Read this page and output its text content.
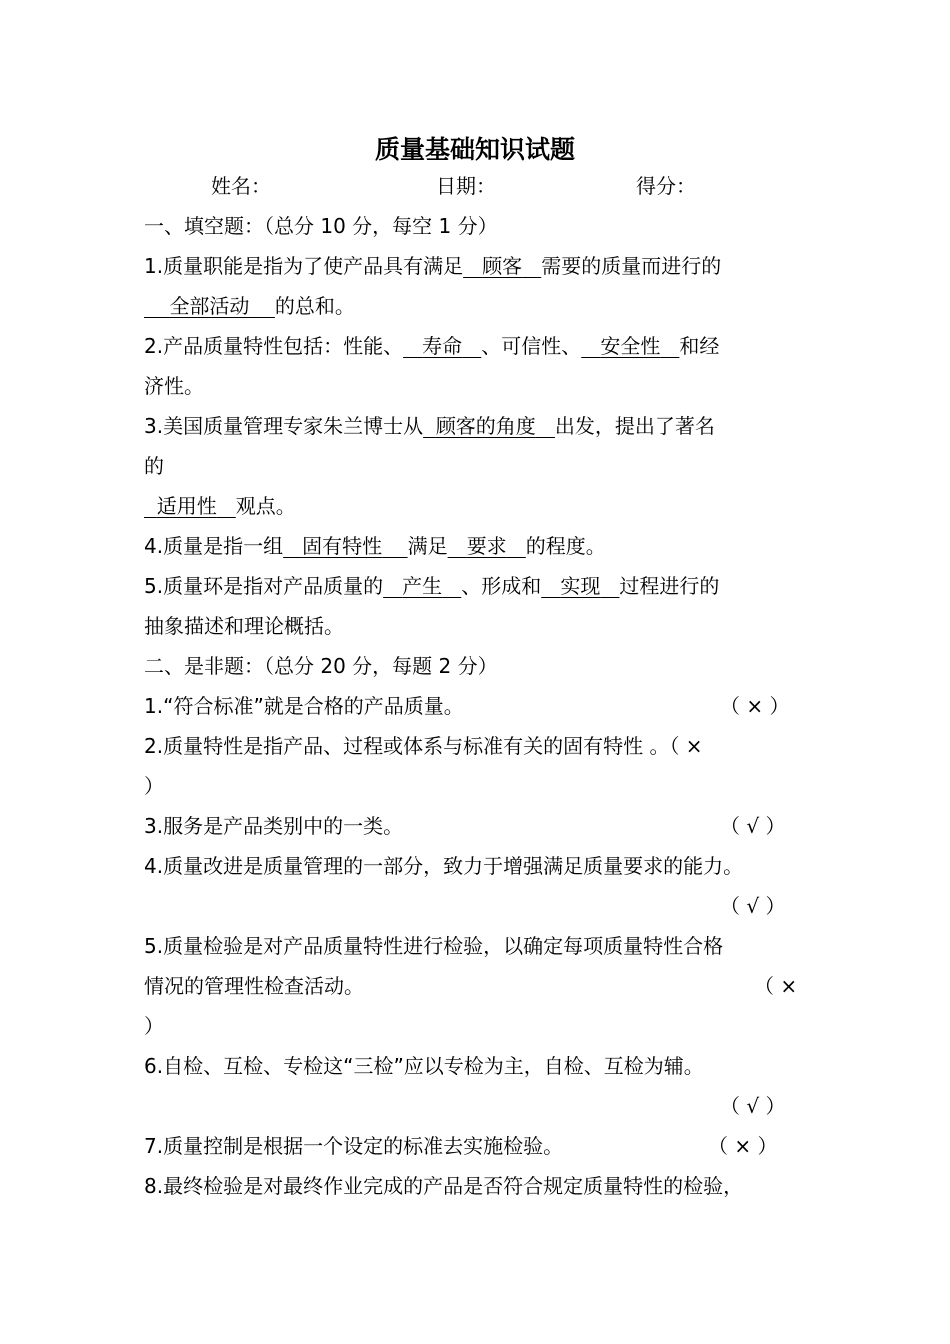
质量基础知识试题
姓名：	日期：	得分：
一、填空题：（总分 10 分，每空 1 分）
1.质量职能是指为了使产品具有满足 顾客 需要的质量而进行的
全部活动 的总和。
2.产品质量特性包括：性能、 寿命 、可信性、 安全性 和经
济性。
3.美国质量管理专家朱兰博士从 顾客的角度 出发，提出了著名
的
适用性 观点。
4.质量是指一组 固有特性 满足 要求 的程度。
5.质量环是指对产品质量的 产生 、形成和 实现 过程进行的
抽象描述和理论概括。
二、是非题：（总分 20 分，每题 2 分）
1.“符合标准”就是合格的产品质量。	（ × ）
2.质量特性是指产品、过程或体系与标准有关的固有特性 。（ ×
）
3.服务是产品类别中的一类。	（ √ ）
4.质量改进是质量管理的一部分，致力于增强满足质量要求的能力。
（ √ ）
5.质量检验是对产品质量特性进行检验，以确定每项质量特性合格
情况的管理性检查活动。	（ ×
）
6.自检、互检、专检这“三检”应以专检为主，自检、互检为辅。
（ √ ）
7.质量控制是根据一个设定的标准去实施检验。	（ × ）
8.最终检验是对最终作业完成的产品是否符合规定质量特性的检验，
